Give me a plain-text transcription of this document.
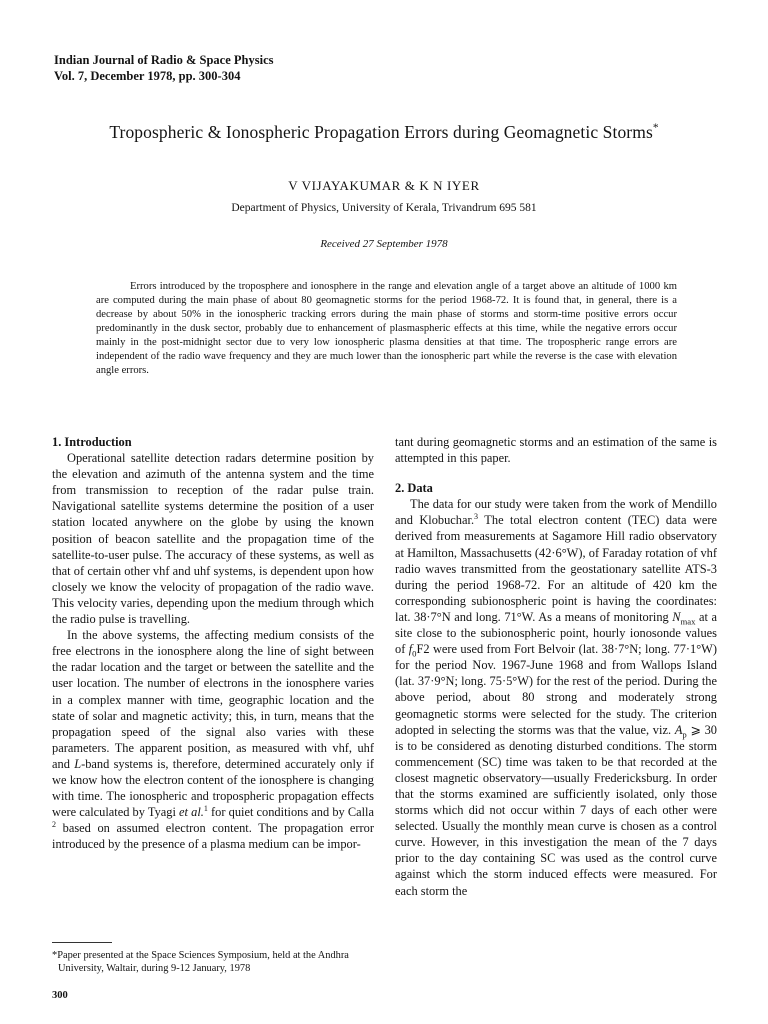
Indian Journal of Radio & Space Physics
Vol. 7, December 1978, pp. 300-304
Tropospheric & Ionospheric Propagation Errors during Geomagnetic Storms*
V VIJAYAKUMAR & K N IYER
Department of Physics, University of Kerala, Trivandrum 695 581
Received 27 September 1978

Errors introduced by the troposphere and ionosphere in the range and elevation angle of a target above an altitude of 1000 km are computed during the main phase of about 80 geomagnetic storms for the period 1968-72. It is found that, in general, there is a decrease by about 50% in the ionospheric tracking errors during the main phase of storms and storm-time positive errors occur predominantly in the dusk sector, probably due to enhancement of plasmaspheric effects at this time, while the negative errors occur mainly in the post-midnight sector due to very low ionospheric plasma densities at that time. The tropospheric range errors are independent of the radio wave frequency and they are much lower than the ionospheric part while the reverse is the case with elevation angle errors.

1. Introduction

Operational satellite detection radars determine position by the elevation and azimuth of the antenna system and the time from transmission to reception of the radar pulse train. Navigational satellite systems determine the position of a user station located anywhere on the globe by using the known position of beacon satellite and the propagation time of the satellite-to-user pulse. The accuracy of these systems, as well as that of certain other vhf and uhf systems, is dependent upon how closely we know the velocity of propagation of the radio wave. This velocity varies, depending upon the medium through which the radio pulse is travelling.

In the above systems, the affecting medium consists of the free electrons in the ionosphere along the line of sight between the radar location and the target or between the satellite and the user location. The number of electrons in the ionosphere varies in a complex manner with time, geographic location and the state of solar and magnetic activity; this, in turn, means that the propagation speed of the signal also varies with these parameters. The apparent position, as measured with vhf, uhf and L-band systems is, therefore, determined accurately only if we know how the electron content of the ionosphere is changing with time. The ionospheric and tropospheric propagation effects were calculated by Tyagi et al.$^1$ for quiet conditions and by Calla $^2$ based on assumed electron content. The propagation error introduced by the presence of a plasma medium can be impor-

tant during geomagnetic storms and an estimation of the same is attempted in this paper.

2. Data

The data for our study were taken from the work of Mendillo and Klobuchar.$^3$ The total electron content (TEC) data were derived from measurements at Sagamore Hill radio observatory at Hamilton, Massachusetts (42·6°W), of Faraday rotation of vhf radio waves transmitted from the geostationary satellite ATS-3 during the period 1968-72. For an altitude of 420 km the corresponding subionospheric point is having the coordinates: lat. 38·7°N and long. 71°W. As a means of monitoring $N_{max}$ at a site close to the subionospheric point, hourly ionosonde values of $f_0F2$ were used from Fort Belvoir (lat. 38·7°N; long. 77·1°W) for the period Nov. 1967-June 1968 and from Wallops Island (lat. 37·9°N; long. 75·5°W) for the rest of the period. During the above period, about 80 strong and moderately strong geomagnetic storms were selected for the study. The criterion adopted in selecting the storms was that the value, viz. $A_p$ ⩾ 30 is to be considered as denoting disturbed conditions. The storm commencement (SC) time was taken to be that recorded at the closest magnetic observatory—usually Fredericksburg. In order that the storms examined are sufficiently isolated, only those storms which did not occur within 7 days of each other were selected. Usually the monthly mean curve is chosen as a control curve. However, in this investigation the mean of the 7 days prior to the day containing SC was used as the control curve against which the storm induced effects were measured. For each storm the

*Paper presented at the Space Sciences Symposium, held at the Andhra University, Waltair, during 9-12 January, 1978

300
